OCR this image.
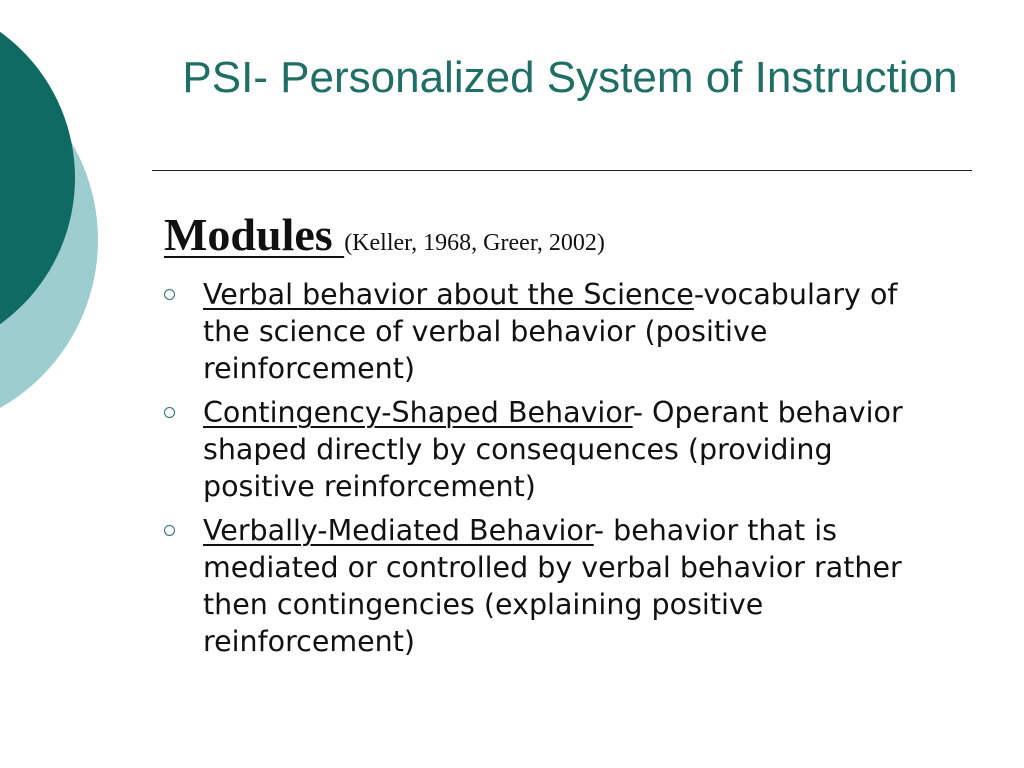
PSI- Personalized System of Instruction
Modules (Keller, 1968, Greer, 2002)
Verbal behavior about the Science-vocabulary of the science of verbal behavior (positive reinforcement)
Contingency-Shaped Behavior- Operant behavior shaped directly by consequences (providing positive reinforcement)
Verbally-Mediated Behavior- behavior that is mediated or controlled by verbal behavior rather then contingencies (explaining positive reinforcement)
